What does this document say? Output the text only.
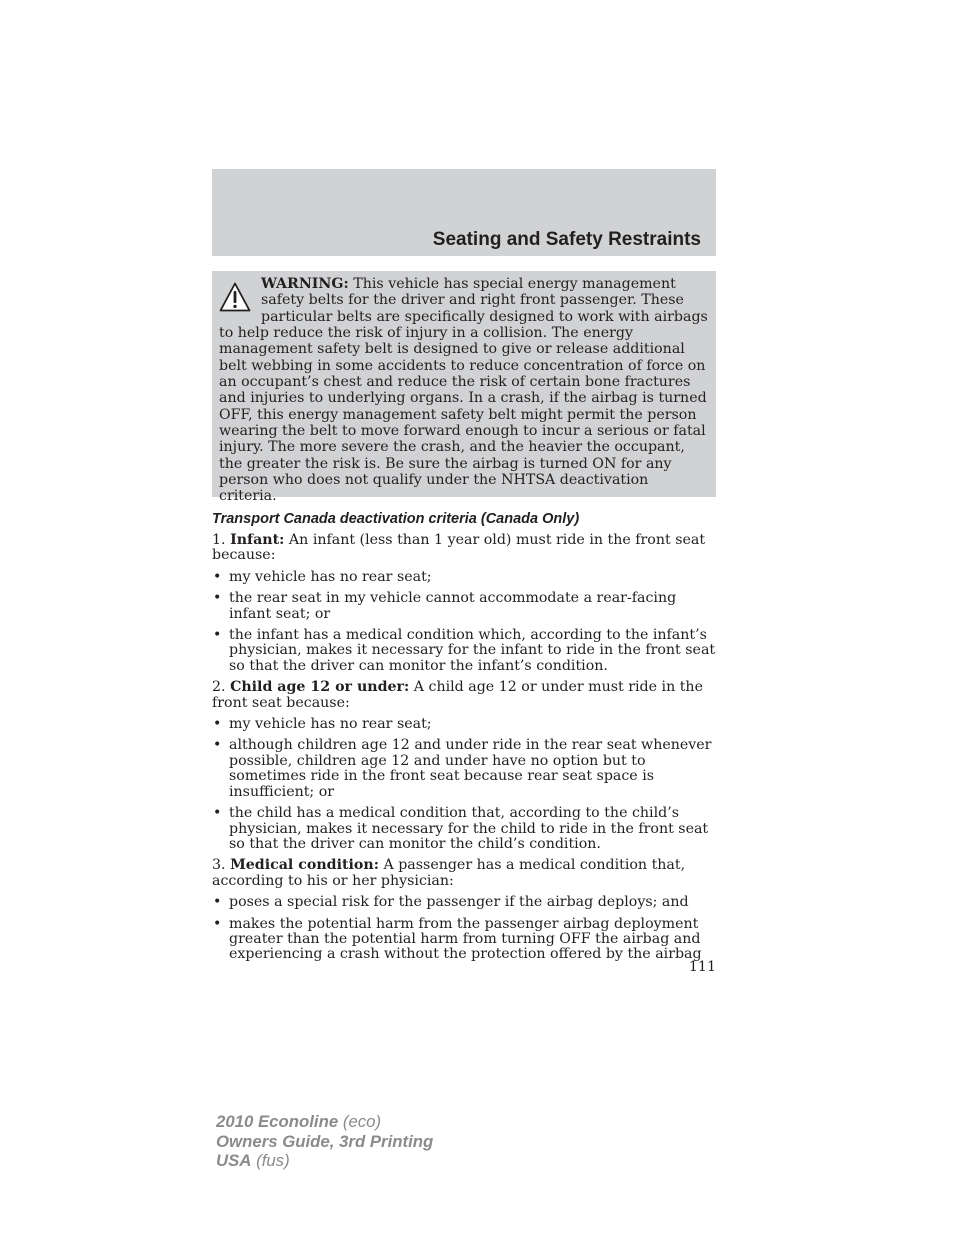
Seating and Safety Restraints

WARNING: This vehicle has special energy management safety belts for the driver and right front passenger. These particular belts are specifically designed to work with airbags to help reduce the risk of injury in a collision. The energy management safety belt is designed to give or release additional belt webbing in some accidents to reduce concentration of force on an occupant’s chest and reduce the risk of certain bone fractures and injuries to underlying organs. In a crash, if the airbag is turned OFF, this energy management safety belt might permit the person wearing the belt to move forward enough to incur a serious or fatal injury. The more severe the crash, and the heavier the occupant, the greater the risk is. Be sure the airbag is turned ON for any person who does not qualify under the NHTSA deactivation criteria.

Transport Canada deactivation criteria (Canada Only)

1. Infant: An infant (less than 1 year old) must ride in the front seat because:

• my vehicle has no rear seat;
• the rear seat in my vehicle cannot accommodate a rear-facing infant seat; or
• the infant has a medical condition which, according to the infant’s physician, makes it necessary for the infant to ride in the front seat so that the driver can monitor the infant’s condition.

2. Child age 12 or under: A child age 12 or under must ride in the front seat because:

• my vehicle has no rear seat;
• although children age 12 and under ride in the rear seat whenever possible, children age 12 and under have no option but to sometimes ride in the front seat because rear seat space is insufficient; or
• the child has a medical condition that, according to the child’s physician, makes it necessary for the child to ride in the front seat so that the driver can monitor the child’s condition.

3. Medical condition: A passenger has a medical condition that, according to his or her physician:

• poses a special risk for the passenger if the airbag deploys; and
• makes the potential harm from the passenger airbag deployment greater than the potential harm from turning OFF the airbag and experiencing a crash without the protection offered by the airbag
111
2010 Econoline (eco)
Owners Guide, 3rd Printing
USA (fus)
